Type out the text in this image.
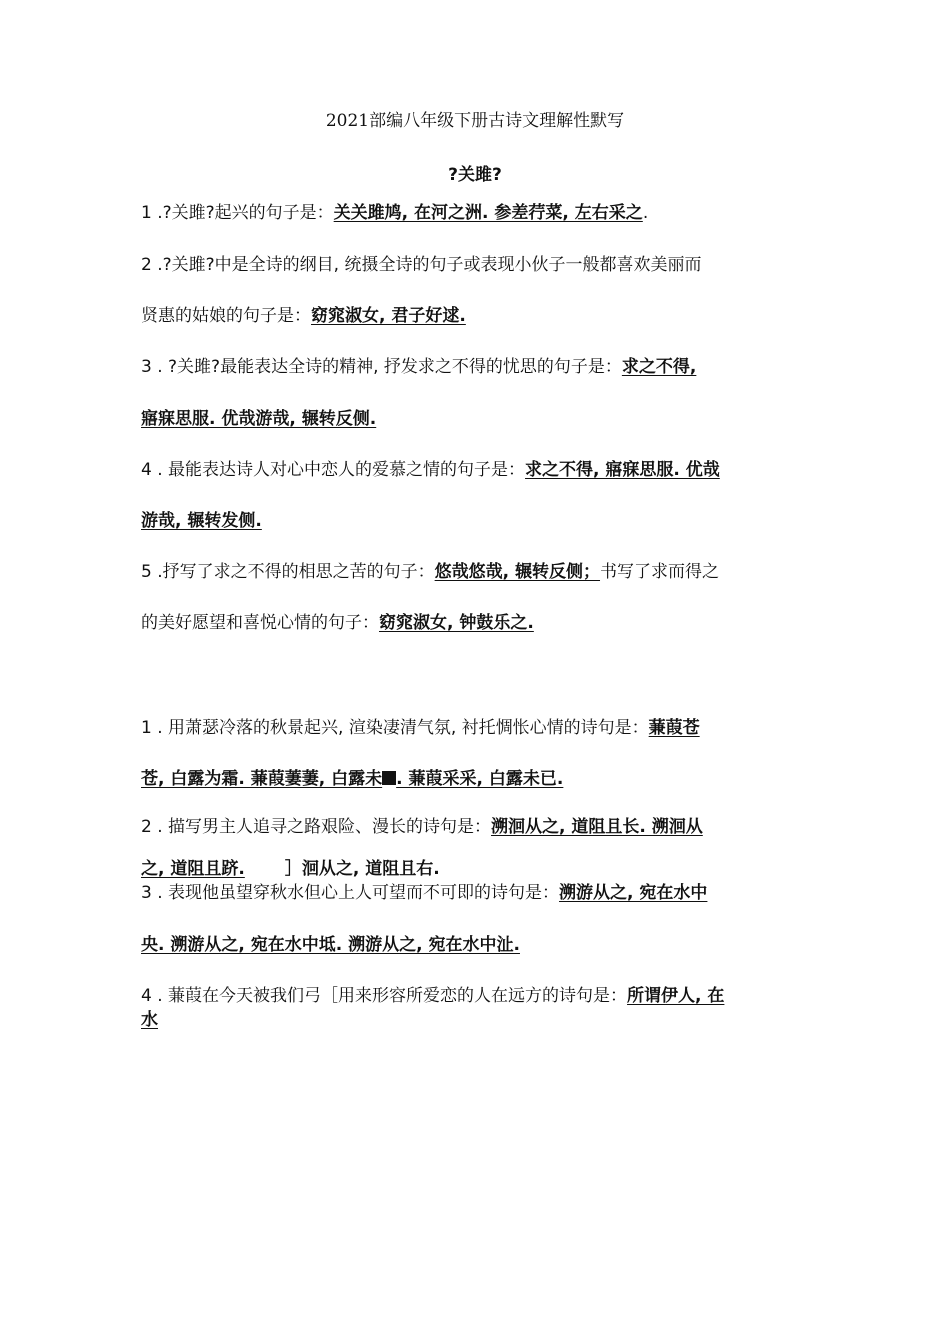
2021部编八年级下册古诗文理解性默写
?关雎?
1 .?关雎?起兴的句子是：关关雎鸠, 在河之洲. 参差荇菜, 左右采之.
2 .?关雎?中是全诗的纲目, 统摄全诗的句子或表现小伙子一般都喜欢美丽而
贤惠的姑娘的句子是：窈窕淑女, 君子好逑.
3 . ?关雎?最能表达全诗的精神, 抒发求之不得的忧思的句子是：求之不得,
寤寐思服. 优哉游哉, 辗转反侧.
4 . 最能表达诗人对心中恋人的爱慕之情的句子是：求之不得, 寤寐思服. 优哉
游哉, 辗转发侧.
5 .抒写了求之不得的相思之苦的句子：悠哉悠哉, 辗转反侧；书写了求而得之
的美好愿望和喜悦心情的句子：窈窕淑女, 钟鼓乐之.
1 . 用萧瑟冷落的秋景起兴, 渲染凄清气氛, 衬托惆怅心情的诗句是：蒹葭苍
苍, 白露为霜. 蒹葭萋萋, 白露未 . 蒹葭采采, 白露未已.
2 . 描写男主人追寻之路艰险、漫长的诗句是：溯洄从之, 道阻且长. 溯洄从
之, 道阻且跻. ］洄从之, 道阻且右.
3 . 表现他虽望穿秋水但心上人可望而不可即的诗句是：溯游从之, 宛在水中
央. 溯游从之, 宛在水中坻. 溯游从之, 宛在水中沚.
4 . 蒹葭在今天被我们弓［用来形容所爱恋的人在远方的诗句是：所谓伊人, 在
水
